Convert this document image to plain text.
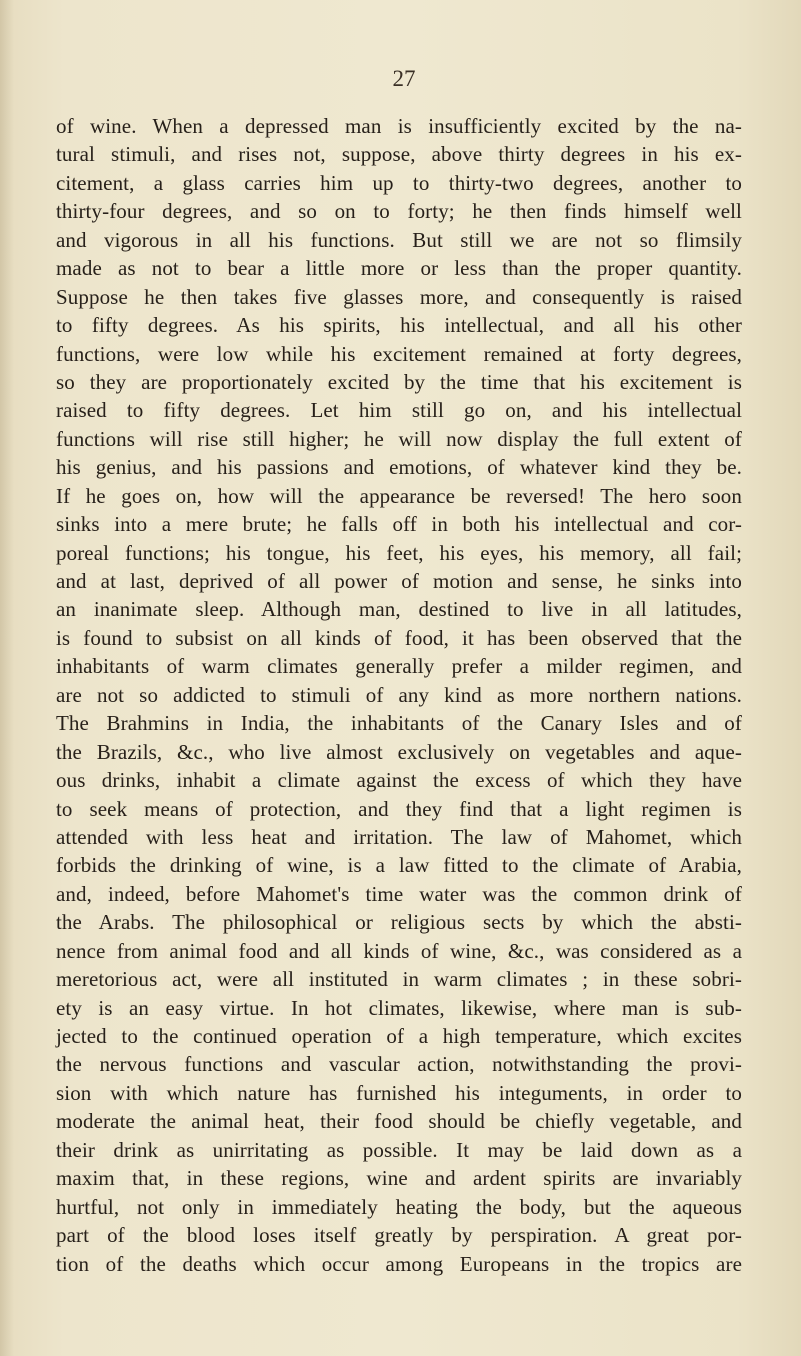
27
of wine. When a depressed man is insufficiently excited by the na-
tural stimuli, and rises not, suppose, above thirty degrees in his ex-
citement, a glass carries him up to thirty-two degrees, another to
thirty-four degrees, and so on to forty; he then finds himself well
and vigorous in all his functions. But still we are not so flimsily
made as not to bear a little more or less than the proper quantity.
Suppose he then takes five glasses more, and consequently is raised
to fifty degrees. As his spirits, his intellectual, and all his other
functions, were low while his excitement remained at forty degrees,
so they are proportionately excited by the time that his excitement is
raised to fifty degrees. Let him still go on, and his intellectual
functions will rise still higher; he will now display the full extent of
his genius, and his passions and emotions, of whatever kind they be.
If he goes on, how will the appearance be reversed! The hero soon
sinks into a mere brute; he falls off in both his intellectual and cor-
poreal functions; his tongue, his feet, his eyes, his memory, all fail;
and at last, deprived of all power of motion and sense, he sinks into
an inanimate sleep. Although man, destined to live in all latitudes,
is found to subsist on all kinds of food, it has been observed that the
inhabitants of warm climates generally prefer a milder regimen, and
are not so addicted to stimuli of any kind as more northern nations.
The Brahmins in India, the inhabitants of the Canary Isles and of
the Brazils, &c., who live almost exclusively on vegetables and aque-
ous drinks, inhabit a climate against the excess of which they have
to seek means of protection, and they find that a light regimen is
attended with less heat and irritation. The law of Mahomet, which
forbids the drinking of wine, is a law fitted to the climate of Arabia,
and, indeed, before Mahomet's time water was the common drink of
the Arabs. The philosophical or religious sects by which the absti-
nence from animal food and all kinds of wine, &c., was considered as a
meretorious act, were all instituted in warm climates ; in these sobri-
ety is an easy virtue. In hot climates, likewise, where man is sub-
jected to the continued operation of a high temperature, which excites
the nervous functions and vascular action, notwithstanding the provi-
sion with which nature has furnished his integuments, in order to
moderate the animal heat, their food should be chiefly vegetable, and
their drink as unirritating as possible. It may be laid down as a
maxim that, in these regions, wine and ardent spirits are invariably
hurtful, not only in immediately heating the body, but the aqueous
part of the blood loses itself greatly by perspiration. A great por-
tion of the deaths which occur among Europeans in the tropics are
